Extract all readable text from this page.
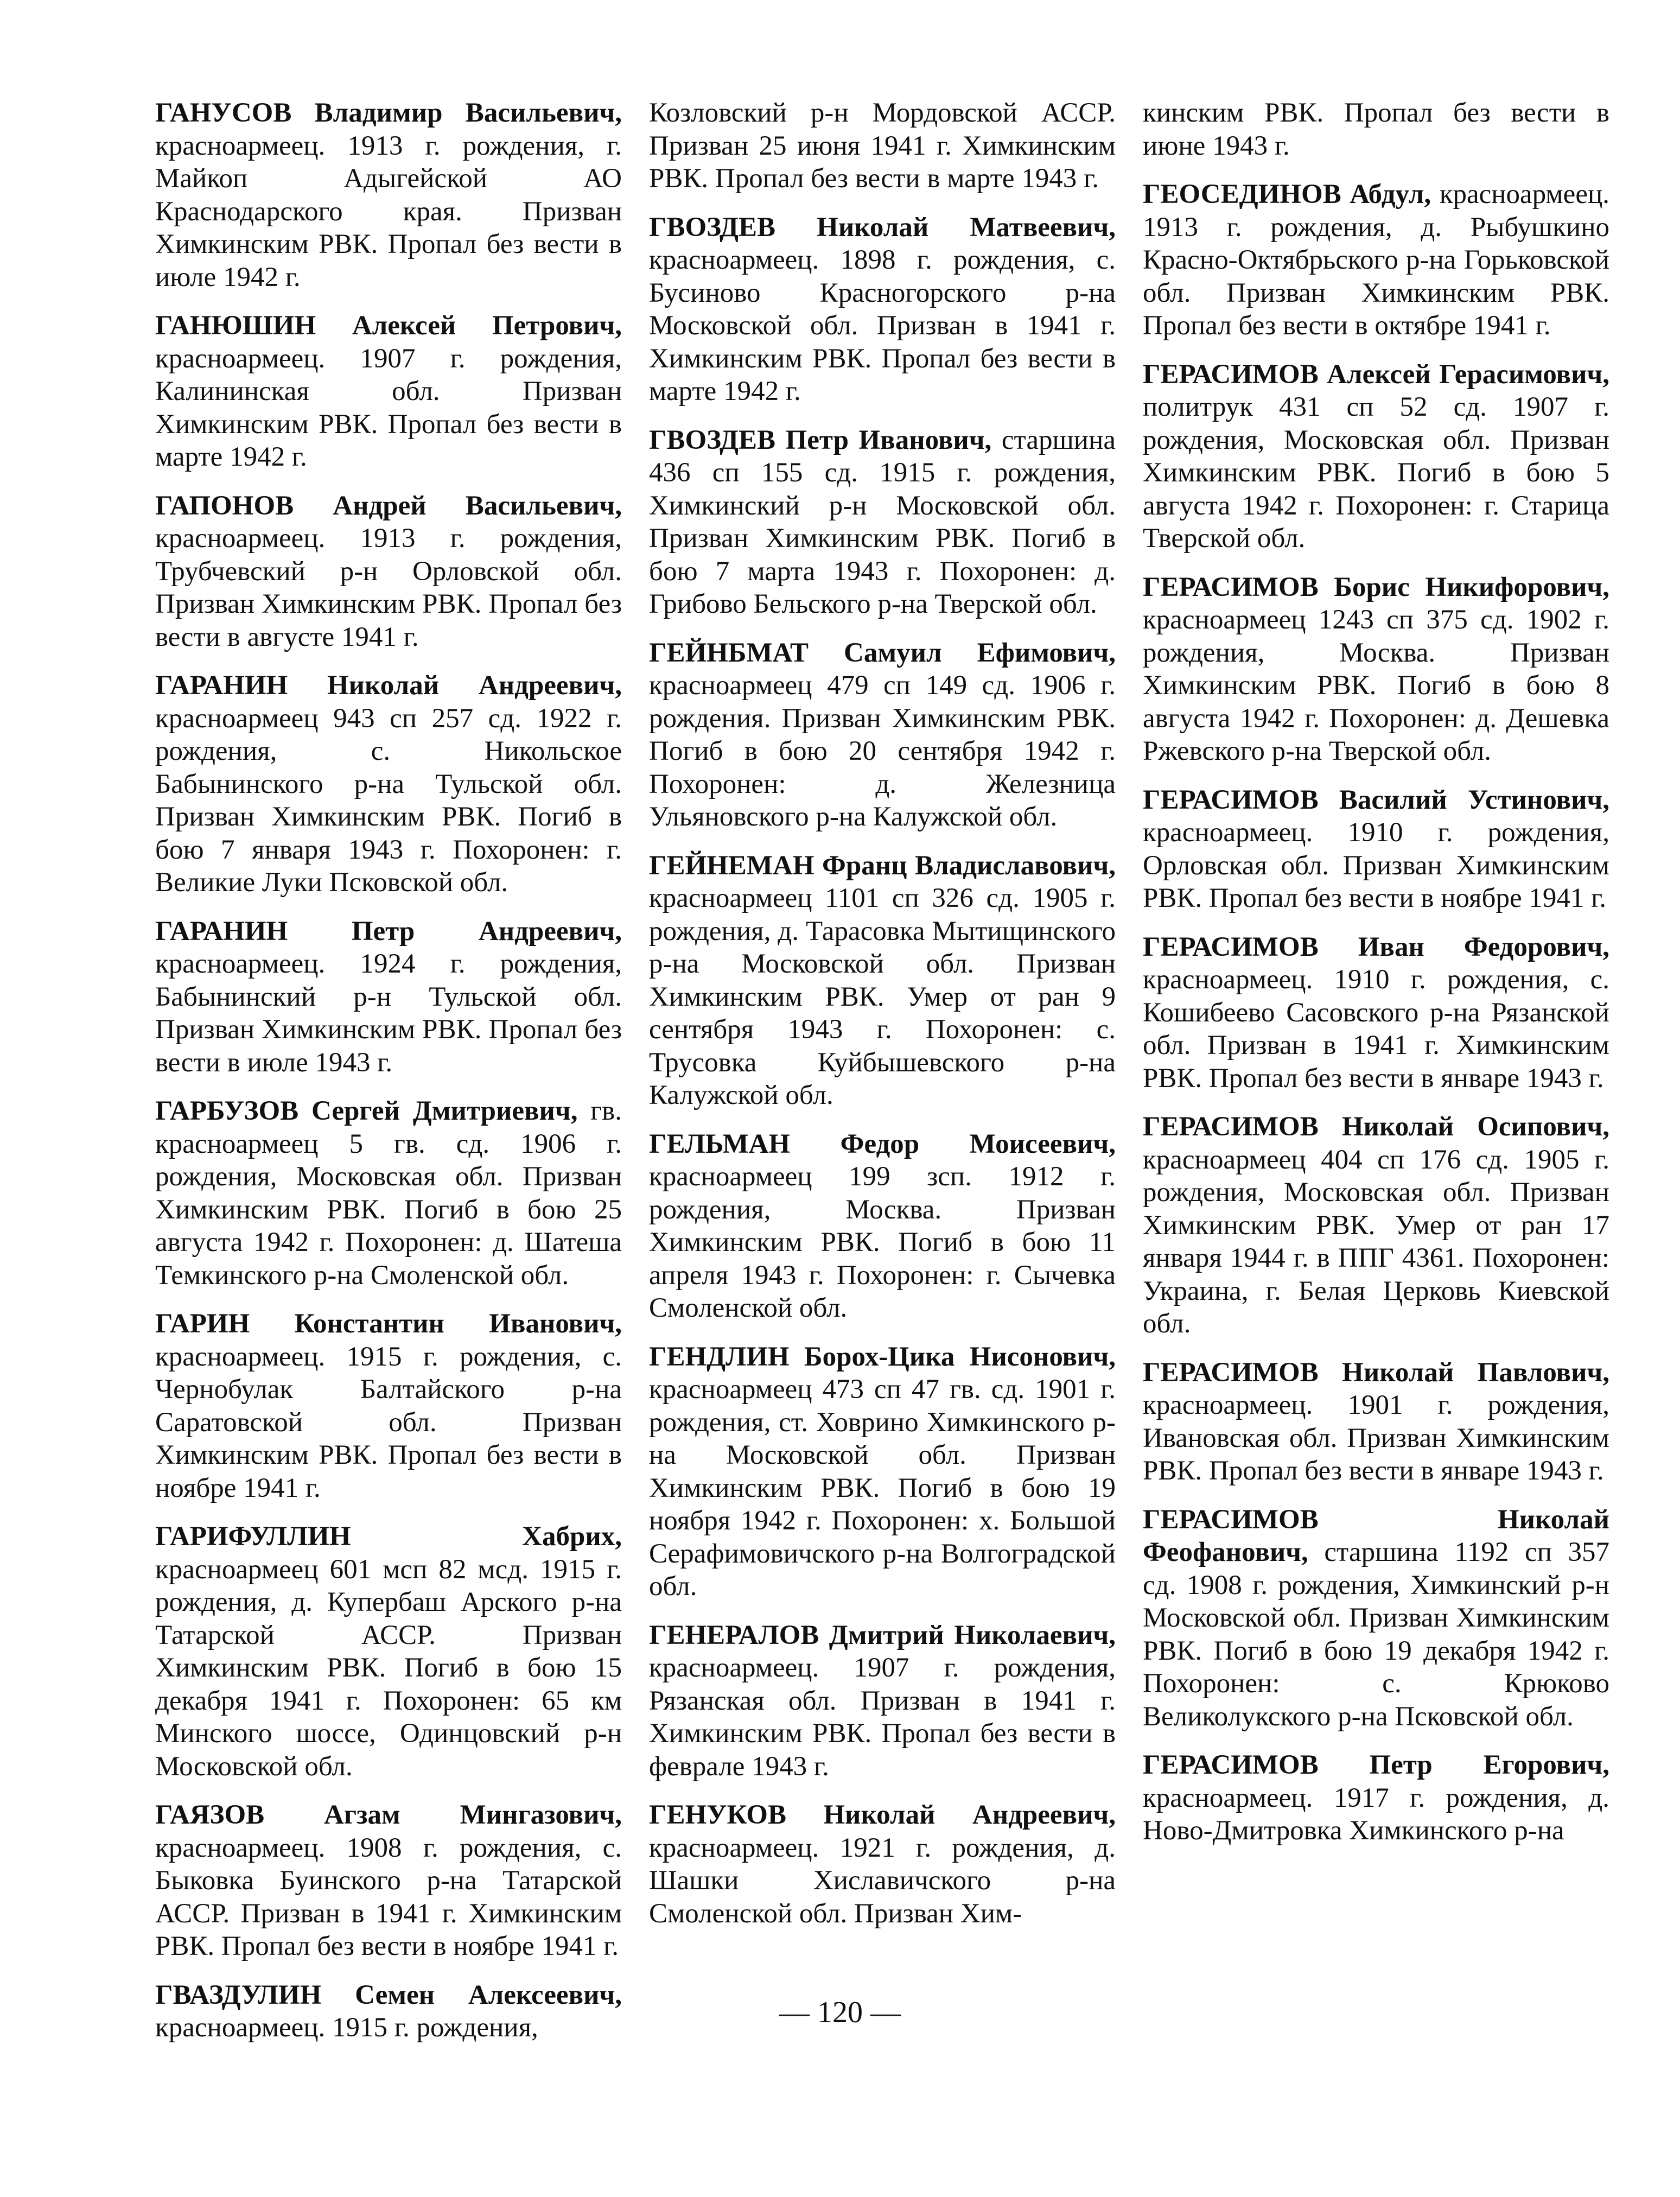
ГАНУСОВ Владимир Васильевич, красноармеец. 1913 г. рождения, г. Майкоп Адыгейской АО Краснодарского края. Призван Химкинским РВК. Пропал без вести в июле 1942 г.

ГАНЮШИН Алексей Петрович, красноармеец. 1907 г. рождения, Калининская обл. Призван Химкинским РВК. Пропал без вести в марте 1942 г.

ГАПОНОВ Андрей Васильевич, красноармеец. 1913 г. рождения, Трубчевский р-н Орловской обл. Призван Химкинским РВК. Пропал без вести в августе 1941 г.

ГАРАНИН Николай Андреевич, красноармеец 943 сп 257 сд. 1922 г. рождения, с. Никольское Бабынинского р-на Тульской обл. Призван Химкинским РВК. Погиб в бою 7 января 1943 г. Похоронен: г. Великие Луки Псковской обл.

ГАРАНИН Петр Андреевич, красноармеец. 1924 г. рождения, Бабынинский р-н Тульской обл. Призван Химкинским РВК. Пропал без вести в июле 1943 г.

ГАРБУЗОВ Сергей Дмитриевич, гв. красноармеец 5 гв. сд. 1906 г. рождения, Московская обл. Призван Химкинским РВК. Погиб в бою 25 августа 1942 г. Похоронен: д. Шатеша Темкинского р-на Смоленской обл.

ГАРИН Константин Иванович, красноармеец. 1915 г. рождения, с. Чернобулак Балтайского р-на Саратовской обл. Призван Химкинским РВК. Пропал без вести в ноябре 1941 г.

ГАРИФУЛЛИН Хабрих, красноармеец 601 мсп 82 мсд. 1915 г. рождения, д. Купербаш Арского р-на Татарской АССР. Призван Химкинским РВК. Погиб в бою 15 декабря 1941 г. Похоронен: 65 км Минского шоссе, Одинцовский р-н Московской обл.

ГАЯЗОВ Агзам Мингазович, красноармеец. 1908 г. рождения, с. Быковка Буинского р-на Татарской АССР. Призван в 1941 г. Химкинским РВК. Пропал без вести в ноябре 1941 г.

ГВАЗДУЛИН Семен Алексеевич, красноармеец. 1915 г. рождения,

Козловский р-н Мордовской АССР. Призван 25 июня 1941 г. Химкинским РВК. Пропал без вести в марте 1943 г.

ГВОЗДЕВ Николай Матвеевич, красноармеец. 1898 г. рождения, с. Бусиново Красногорского р-на Московской обл. Призван в 1941 г. Химкинским РВК. Пропал без вести в марте 1942 г.

ГВОЗДЕВ Петр Иванович, старшина 436 сп 155 сд. 1915 г. рождения, Химкинский р-н Московской обл. Призван Химкинским РВК. Погиб в бою 7 марта 1943 г. Похоронен: д. Грибово Бельского р-на Тверской обл.

ГЕЙНБМАТ Самуил Ефимович, красноармеец 479 сп 149 сд. 1906 г. рождения. Призван Химкинским РВК. Погиб в бою 20 сентября 1942 г. Похоронен: д. Железница Ульяновского р-на Калужской обл.

ГЕЙНЕМАН Франц Владиславович, красноармеец 1101 сп 326 сд. 1905 г. рождения, д. Тарасовка Мытищинского р-на Московской обл. Призван Химкинским РВК. Умер от ран 9 сентября 1943 г. Похоронен: с. Трусовка Куйбышевского р-на Калужской обл.

ГЕЛЬМАН Федор Моисеевич, красноармеец 199 зсп. 1912 г. рождения, Москва. Призван Химкинским РВК. Погиб в бою 11 апреля 1943 г. Похоронен: г. Сычевка Смоленской обл.

ГЕНДЛИН Борох-Цика Нисонович, красноармеец 473 сп 47 гв. сд. 1901 г. рождения, ст. Ховрино Химкинского р-на Московской обл. Призван Химкинским РВК. Погиб в бою 19 ноября 1942 г. Похоронен: х. Большой Серафимовичского р-на Волгоградской обл.

ГЕНЕРАЛОВ Дмитрий Николаевич, красноармеец. 1907 г. рождения, Рязанская обл. Призван в 1941 г. Химкинским РВК. Пропал без вести в феврале 1943 г.

ГЕНУКОВ Николай Андреевич, красноармеец. 1921 г. рождения, д. Шашки Хиславичского р-на Смоленской обл. Призван Хим-

кинским РВК. Пропал без вести в июне 1943 г.

ГЕОСЕДИНОВ Абдул, красноармеец. 1913 г. рождения, д. Рыбушкино Красно-Октябрьского р-на Горьковской обл. Призван Химкинским РВК. Пропал без вести в октябре 1941 г.

ГЕРАСИМОВ Алексей Герасимович, политрук 431 сп 52 сд. 1907 г. рождения, Московская обл. Призван Химкинским РВК. Погиб в бою 5 августа 1942 г. Похоронен: г. Старица Тверской обл.

ГЕРАСИМОВ Борис Никифорович, красноармеец 1243 сп 375 сд. 1902 г. рождения, Москва. Призван Химкинским РВК. Погиб в бою 8 августа 1942 г. Похоронен: д. Дешевка Ржевского р-на Тверской обл.

ГЕРАСИМОВ Василий Устинович, красноармеец. 1910 г. рождения, Орловская обл. Призван Химкинским РВК. Пропал без вести в ноябре 1941 г.

ГЕРАСИМОВ Иван Федорович, красноармеец. 1910 г. рождения, с. Кошибеево Сасовского р-на Рязанской обл. Призван в 1941 г. Химкинским РВК. Пропал без вести в январе 1943 г.

ГЕРАСИМОВ Николай Осипович, красноармеец 404 сп 176 сд. 1905 г. рождения, Московская обл. Призван Химкинским РВК. Умер от ран 17 января 1944 г. в ППГ 4361. Похоронен: Украина, г. Белая Церковь Киевской обл.

ГЕРАСИМОВ Николай Павлович, красноармеец. 1901 г. рождения, Ивановская обл. Призван Химкинским РВК. Пропал без вести в январе 1943 г.

ГЕРАСИМОВ Николай Феофанович, старшина 1192 сп 357 сд. 1908 г. рождения, Химкинский р-н Московской обл. Призван Химкинским РВК. Погиб в бою 19 декабря 1942 г. Похоронен: с. Крюково Великолукского р-на Псковской обл.

ГЕРАСИМОВ Петр Егорович, красноармеец. 1917 г. рождения, д. Ново-Дмитровка Химкинского р-на

— 120 —
